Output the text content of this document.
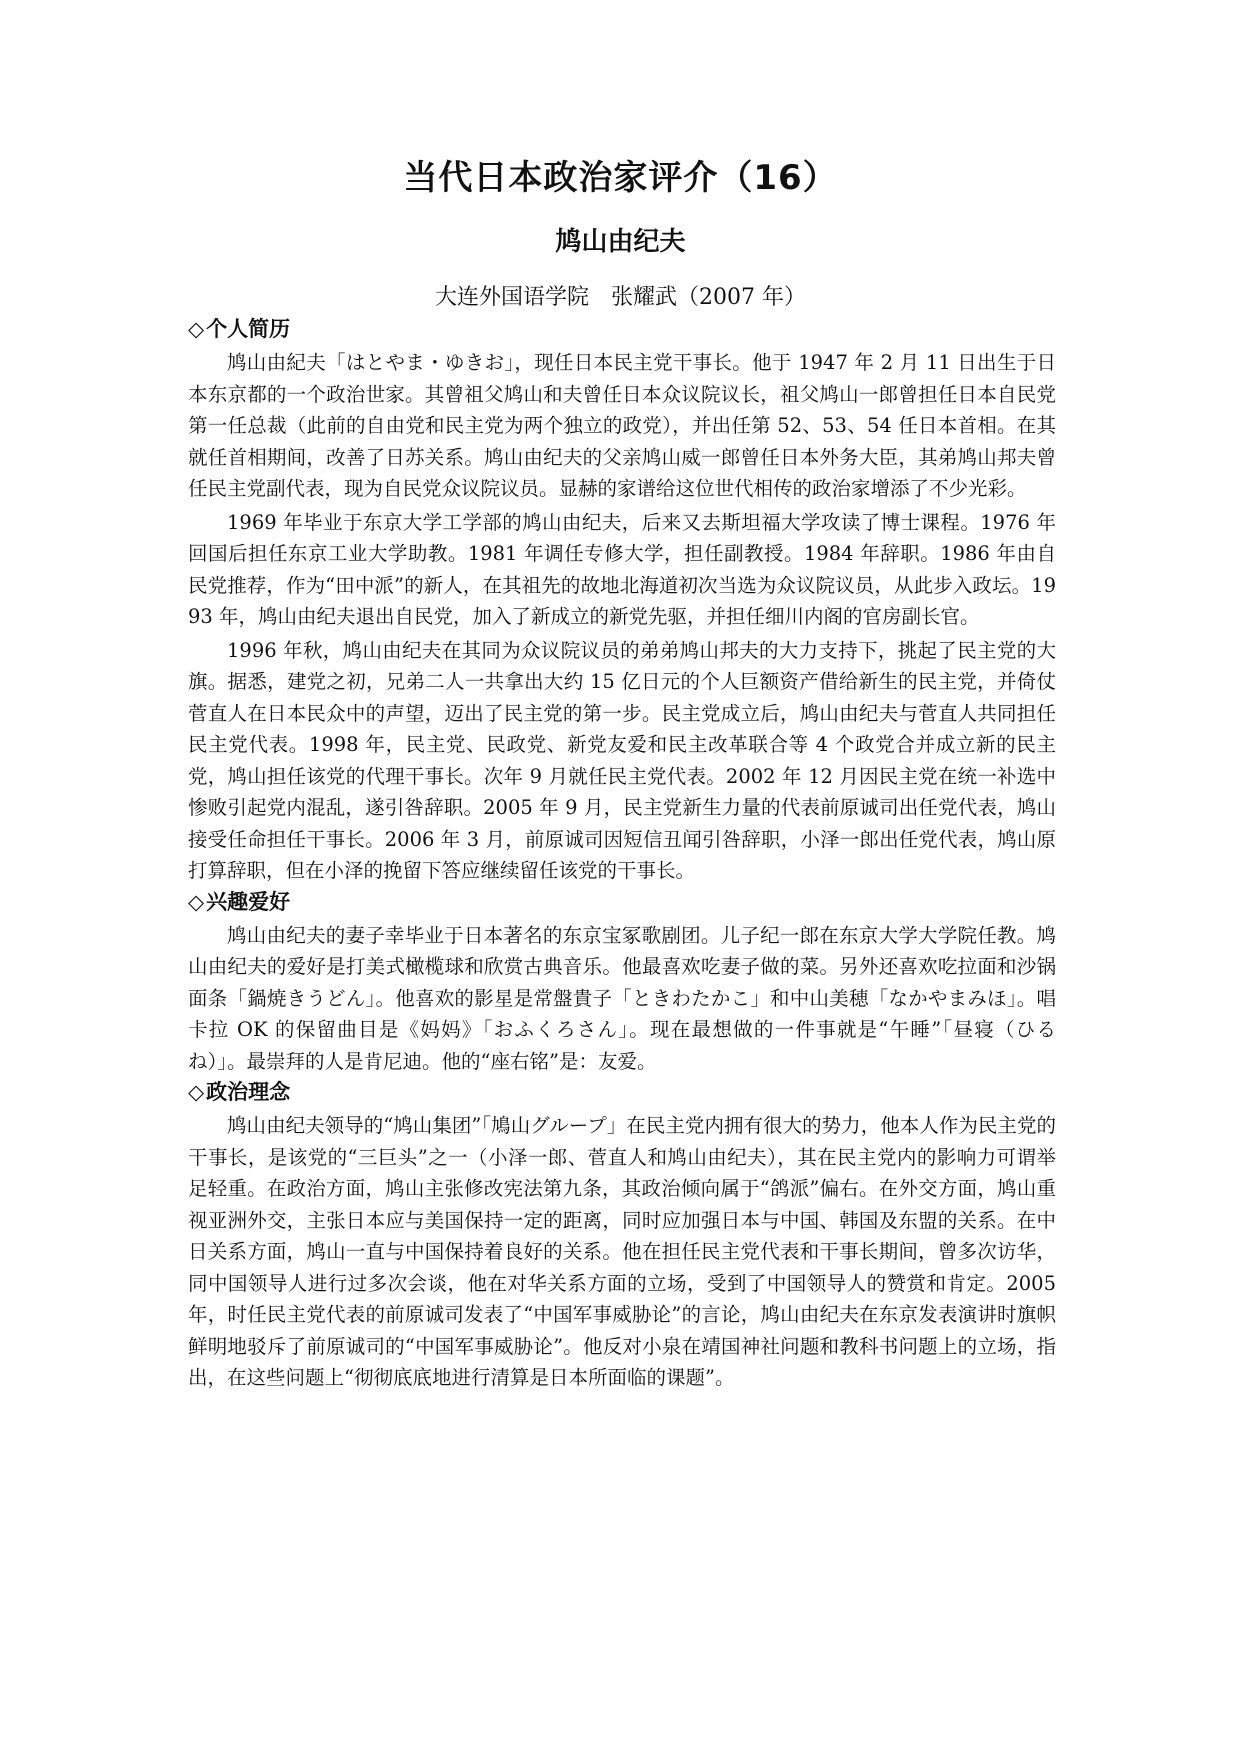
当代日本政治家评介（16）
鸠山由纪夫
大连外国语学院　张耀武（2007 年）
◇个人简历

鸠山由紀夫「はとやま・ゆきお」，现任日本民主党干事长。他于 1947 年 2 月 11 日出生于日本东京都的一个政治世家。其曾祖父鸠山和夫曾任日本众议院议长，祖父鸠山一郎曾担任日本自民党第一任总裁（此前的自由党和民主党为两个独立的政党），并出任第 52、53、54 任日本首相。在其就任首相期间，改善了日苏关系。鸠山由纪夫的父亲鸠山威一郎曾任日本外务大臣，其弟鸠山邦夫曾任民主党副代表，现为自民党众议院议员。显赫的家谱给这位世代相传的政治家增添了不少光彩。

1969 年毕业于东京大学工学部的鸠山由纪夫，后来又去斯坦福大学攻读了博士课程。1976 年回国后担任东京工业大学助教。1981 年调任专修大学，担任副教授。1984 年辞职。1986 年由自民党推荐，作为“田中派”的新人，在其祖先的故地北海道初次当选为众议院议员，从此步入政坛。1993 年，鸠山由纪夫退出自民党，加入了新成立的新党先驱，并担任细川内阁的官房副长官。

1996 年秋，鸠山由纪夫在其同为众议院议员的弟弟鸠山邦夫的大力支持下，挑起了民主党的大旗。据悉，建党之初，兄弟二人一共拿出大约 15 亿日元的个人巨额资产借给新生的民主党，并倚仗菅直人在日本民众中的声望，迈出了民主党的第一步。民主党成立后，鸠山由纪夫与菅直人共同担任民主党代表。1998 年，民主党、民政党、新党友爱和民主改革联合等 4 个政党合并成立新的民主党，鸠山担任该党的代理干事长。次年 9 月就任民主党代表。2002 年 12 月因民主党在统一补选中惨败引起党内混乱，遂引咎辞职。2005 年 9 月，民主党新生力量的代表前原诚司出任党代表，鸠山接受任命担任干事长。2006 年 3 月，前原诚司因短信丑闻引咎辞职，小泽一郎出任党代表，鸠山原打算辞职，但在小泽的挽留下答应继续留任该党的干事长。

◇兴趣爱好

鸠山由纪夫的妻子幸毕业于日本著名的东京宝冢歌剧团。儿子纪一郎在东京大学大学院任教。鸠山由纪夫的爱好是打美式橄榄球和欣赏古典音乐。他最喜欢吃妻子做的菜。另外还喜欢吃拉面和沙锅面条「鍋焼きうどん」。他喜欢的影星是常盤貴子「ときわたかこ」和中山美穂「なかやまみほ」。唱卡拉 OK 的保留曲目是《妈妈》「おふくろさん」。现在最想做的一件事就是“午睡”「昼寝（ひるね）」。最崇拜的人是肯尼迪。他的“座右铭”是：友爱。

◇政治理念

鸠山由纪夫领导的“鸠山集团”「鳩山グループ」在民主党内拥有很大的势力，他本人作为民主党的干事长，是该党的“三巨头”之一（小泽一郎、菅直人和鸠山由纪夫），其在民主党内的影响力可谓举足轻重。在政治方面，鸠山主张修改宪法第九条，其政治倾向属于“鸽派”偏右。在外交方面，鸠山重视亚洲外交，主张日本应与美国保持一定的距离，同时应加强日本与中国、韩国及东盟的关系。在中日关系方面，鸠山一直与中国保持着良好的关系。他在担任民主党代表和干事长期间，曾多次访华，同中国领导人进行过多次会谈，他在对华关系方面的立场，受到了中国领导人的赞赏和肯定。2005 年，时任民主党代表的前原诚司发表了“中国军事威胁论”的言论，鸠山由纪夫在东京发表演讲时旗帜鲜明地驳斥了前原诚司的“中国军事威胁论”。他反对小泉在靖国神社问题和教科书问题上的立场，指出，在这些问题上“彻彻底底地进行清算是日本所面临的课题”。
